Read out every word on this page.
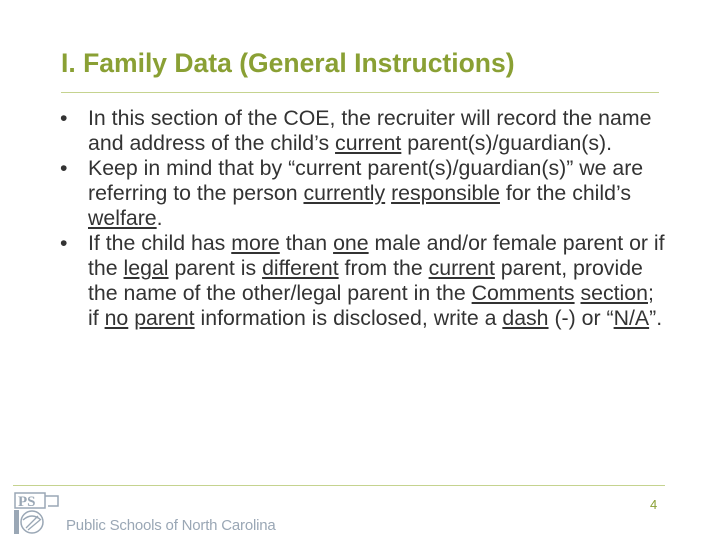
I. Family Data (General Instructions)
• In this section of the COE, the recruiter will record the name and address of the child’s current parent(s)/guardian(s).
• Keep in mind that by “current parent(s)/guardian(s)” we are referring to the person currently responsible for the child’s welfare.
• If the child has more than one male and/or female parent or if the legal parent is different from the current parent, provide the name of the other/legal parent in the Comments section; if no parent information is disclosed, write a dash (-) or “N/A”.
PS
Public Schools of North Carolina
4
